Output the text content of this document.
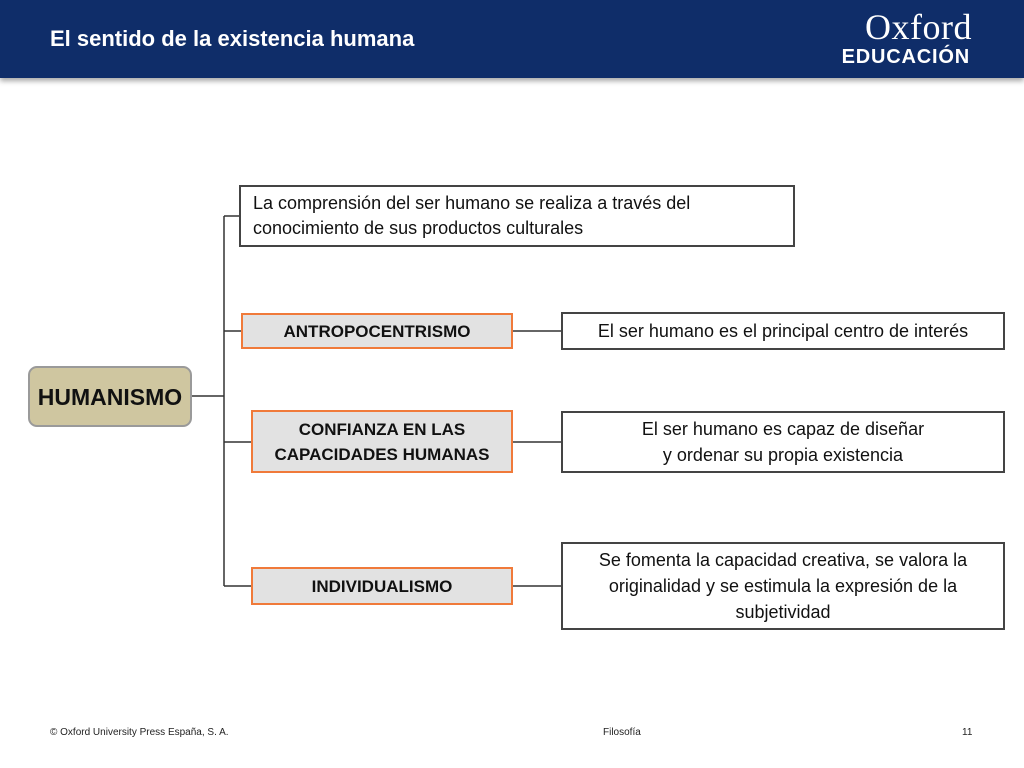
El sentido de la existencia humana	Oxford
EDUCACIÓN
HUMANISMO
La comprensión del ser humano se realiza a través del conocimiento de sus productos culturales
ANTROPOCENTRISMO	El ser humano es el principal centro de interés
CONFIANZA EN LAS
CAPACIDADES HUMANAS
El ser humano es capaz de diseñar
y ordenar su propia existencia
INDIVIDUALISMO
Se fomenta la capacidad creativa, se valora la originalidad y se estimula la expresión de la subjetividad
© Oxford University Press España, S. A.	Filosofía	11
